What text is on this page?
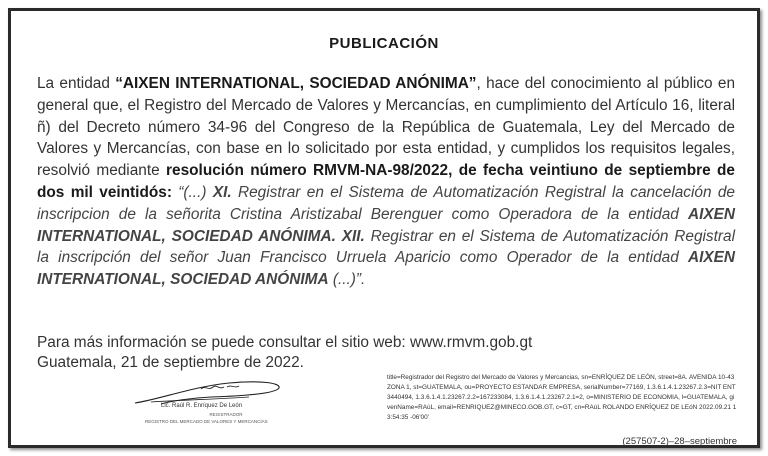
PUBLICACIÓN
La entidad “AIXEN INTERNATIONAL, SOCIEDAD ANÓNIMA”, hace del conocimiento al público en general que, el Registro del Mercado de Valores y Mercancías, en cumplimiento del Artículo 16, literal ñ) del Decreto número 34-96 del Congreso de la República de Guatemala, Ley del Mercado de Valores y Mercancías, con base en lo solicitado por esta entidad, y cumplidos los requisitos legales, resolvió mediante resolución número RMVM-NA-98/2022, de fecha veintiuno de septiembre de dos mil veintidós: “(...) XI. Registrar en el Sistema de Automatización Registral la cancelación de inscripcion de la señorita Cristina Aristizabal Berenguer como Operadora de la entidad AIXEN INTERNATIONAL, SOCIEDAD ANÓNIMA. XII. Registrar en el Sistema de Automatización Registral la inscripción del señor Juan Francisco Urruela Aparicio como Operador de la entidad AIXEN INTERNATIONAL, SOCIEDAD ANÓNIMA (...)”.
Para más información se puede consultar el sitio web: www.rmvm.gob.gt
Guatemala, 21 de septiembre de 2022.
Lic. Raúl R. Enríquez De León
REGISTRADOR
REGISTRO DEL MERCADO DE VALORES Y MERCANCÍAS
title=Registrador del Registro del Mercado de Valores y Mercancias, sn=ENRÍQUEZ DE LEÓN, street=8A. AVENIDA 10-43 ZONA 1, st=GUATEMALA, ou=PROYECTO ESTANDAR EMPRESA, serialNumber=77169, 1.3.6.1.4.1.23267.2.3=NIT ENT 3440494, 1.3.6.1.4.1.23267.2.2=167233084, 1.3.6.1.4.1.23267.2.1=2, o=MINISTERIO DE ECONOMIA, l=GUATEMALA, givenName=RAúL, email=RENRIQUEZ@MINECO.GOB.GT, c=GT, cn=RAúL ROLANDO ENRÍQUEZ DE LEóN 2022.09.21 13:54:35 -06'00'
(257507-2)–28–septiembre
